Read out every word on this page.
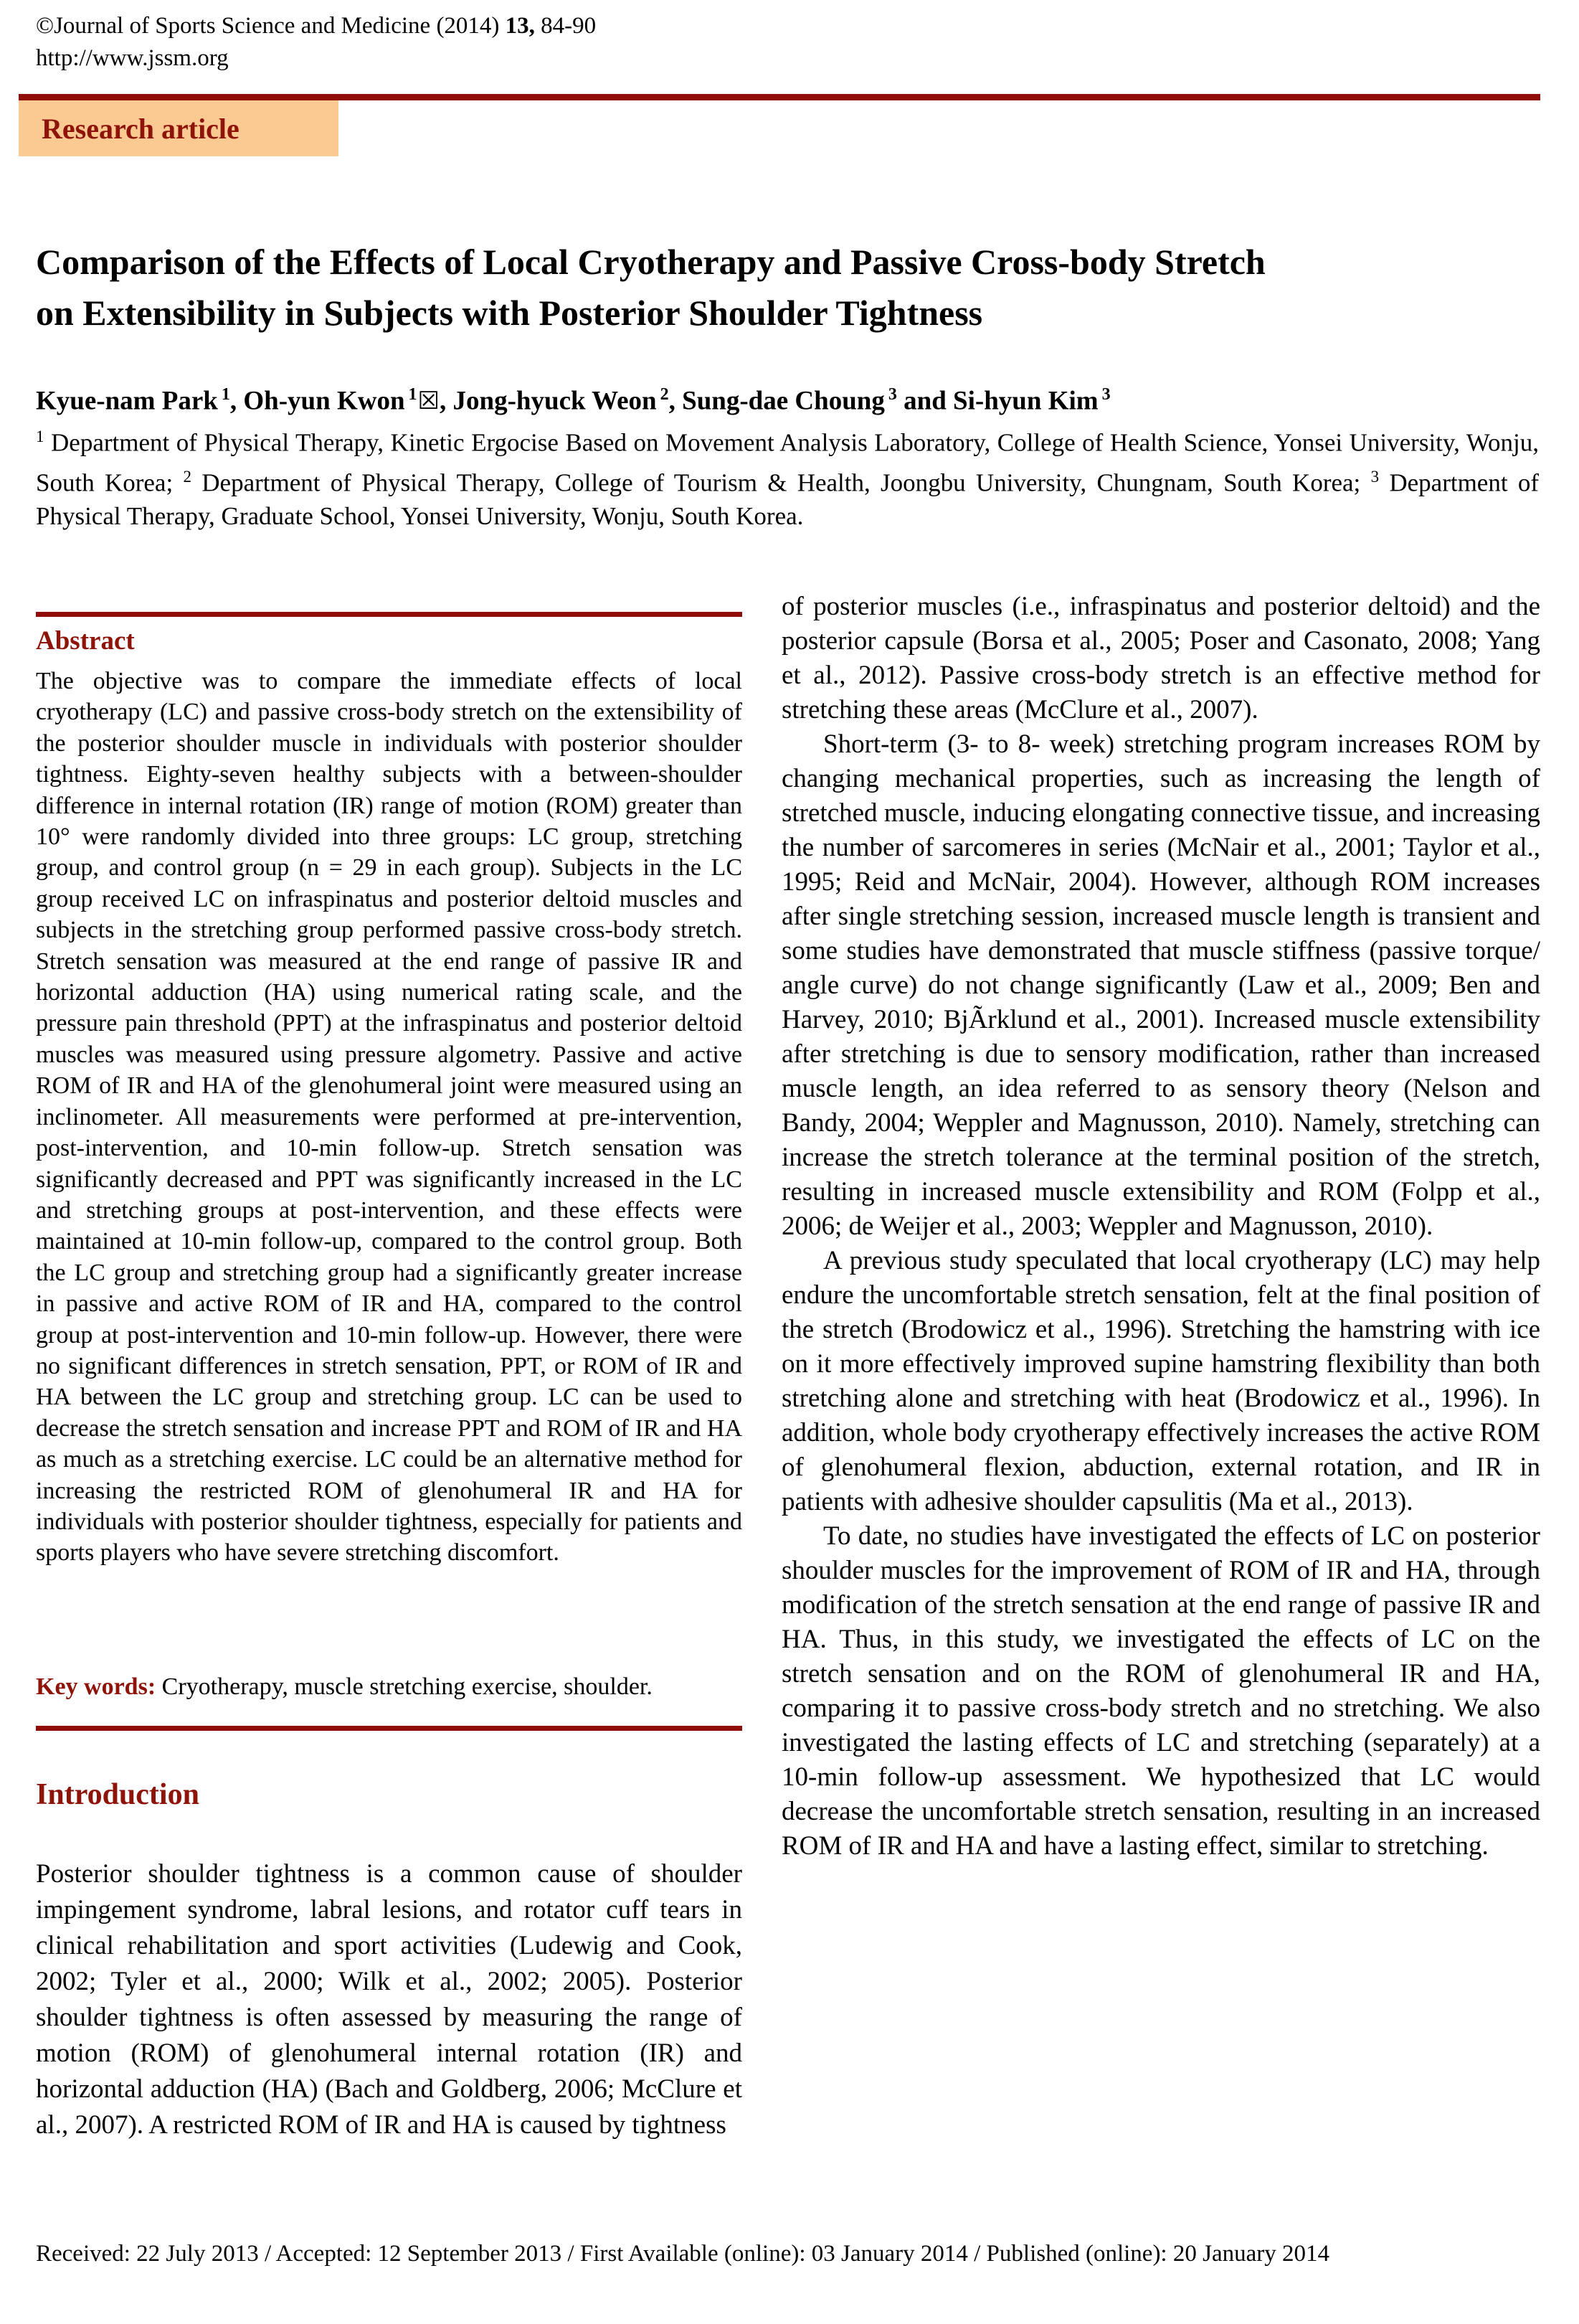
©Journal of Sports Science and Medicine (2014) 13, 84-90
http://www.jssm.org
Research article
Comparison of the Effects of Local Cryotherapy and Passive Cross-body Stretch
on Extensibility in Subjects with Posterior Shoulder Tightness
Kyue-nam Park $^1$, Oh-yun Kwon $^1$☒, Jong-hyuck Weon $^2$, Sung-dae Choung $^3$ and Si-hyun Kim $^3$
$^1$ Department of Physical Therapy, Kinetic Ergocise Based on Movement Analysis Laboratory, College of Health Science, Yonsei University, Wonju, South Korea; $^2$ Department of Physical Therapy, College of Tourism & Health, Joongbu University, Chungnam, South Korea; $^3$ Department of Physical Therapy, Graduate School, Yonsei University, Wonju, South Korea.
Abstract

The objective was to compare the immediate effects of local cryotherapy (LC) and passive cross-body stretch on the extensibility of the posterior shoulder muscle in individuals with posterior shoulder tightness. Eighty-seven healthy subjects with a between-shoulder difference in internal rotation (IR) range of motion (ROM) greater than 10° were randomly divided into three groups: LC group, stretching group, and control group (n = 29 in each group). Subjects in the LC group received LC on infraspinatus and posterior deltoid muscles and subjects in the stretching group performed passive cross-body stretch. Stretch sensation was measured at the end range of passive IR and horizontal adduction (HA) using numerical rating scale, and the pressure pain threshold (PPT) at the infraspinatus and posterior deltoid muscles was measured using pressure algometry. Passive and active ROM of IR and HA of the glenohumeral joint were measured using an inclinometer. All measurements were performed at pre-intervention, post-intervention, and 10-min follow-up. Stretch sensation was significantly decreased and PPT was significantly increased in the LC and stretching groups at post-intervention, and these effects were maintained at 10-min follow-up, compared to the control group. Both the LC group and stretching group had a significantly greater increase in passive and active ROM of IR and HA, compared to the control group at post-intervention and 10-min follow-up. However, there were no significant differences in stretch sensation, PPT, or ROM of IR and HA between the LC group and stretching group. LC can be used to decrease the stretch sensation and increase PPT and ROM of IR and HA as much as a stretching exercise. LC could be an alternative method for increasing the restricted ROM of glenohumeral IR and HA for individuals with posterior shoulder tightness, especially for patients and sports players who have severe stretching discomfort.

Key words: Cryotherapy, muscle stretching exercise, shoulder.

Introduction

Posterior shoulder tightness is a common cause of shoulder impingement syndrome, labral lesions, and rotator cuff tears in clinical rehabilitation and sport activities (Ludewig and Cook, 2002; Tyler et al., 2000; Wilk et al., 2002; 2005). Posterior shoulder tightness is often assessed by measuring the range of motion (ROM) of glenohumeral internal rotation (IR) and horizontal adduction (HA) (Bach and Goldberg, 2006; McClure et al., 2007). A restricted ROM of IR and HA is caused by tightness

of posterior muscles (i.e., infraspinatus and posterior deltoid) and the posterior capsule (Borsa et al., 2005; Poser and Casonato, 2008; Yang et al., 2012). Passive cross-body stretch is an effective method for stretching these areas (McClure et al., 2007).

Short-term (3- to 8- week) stretching program increases ROM by changing mechanical properties, such as increasing the length of stretched muscle, inducing elongating connective tissue, and increasing the number of sarcomeres in series (McNair et al., 2001; Taylor et al., 1995; Reid and McNair, 2004). However, although ROM increases after single stretching session, increased muscle length is transient and some studies have demonstrated that muscle stiffness (passive torque/ angle curve) do not change significantly (Law et al., 2009; Ben and Harvey, 2010; BjÃrklund et al., 2001). Increased muscle extensibility after stretching is due to sensory modification, rather than increased muscle length, an idea referred to as sensory theory (Nelson and Bandy, 2004; Weppler and Magnusson, 2010). Namely, stretching can increase the stretch tolerance at the terminal position of the stretch, resulting in increased muscle extensibility and ROM (Folpp et al., 2006; de Weijer et al., 2003; Weppler and Magnusson, 2010).

A previous study speculated that local cryotherapy (LC) may help endure the uncomfortable stretch sensation, felt at the final position of the stretch (Brodowicz et al., 1996). Stretching the hamstring with ice on it more effectively improved supine hamstring flexibility than both stretching alone and stretching with heat (Brodowicz et al., 1996). In addition, whole body cryotherapy effectively increases the active ROM of glenohumeral flexion, abduction, external rotation, and IR in patients with adhesive shoulder capsulitis (Ma et al., 2013).

To date, no studies have investigated the effects of LC on posterior shoulder muscles for the improvement of ROM of IR and HA, through modification of the stretch sensation at the end range of passive IR and HA. Thus, in this study, we investigated the effects of LC on the stretch sensation and on the ROM of glenohumeral IR and HA, comparing it to passive cross-body stretch and no stretching. We also investigated the lasting effects of LC and stretching (separately) at a 10-min follow-up assessment. We hypothesized that LC would decrease the uncomfortable stretch sensation, resulting in an increased ROM of IR and HA and have a lasting effect, similar to stretching.

Received: 22 July 2013 / Accepted: 12 September 2013 / First Available (online): 03 January 2014 / Published (online): 20 January 2014
